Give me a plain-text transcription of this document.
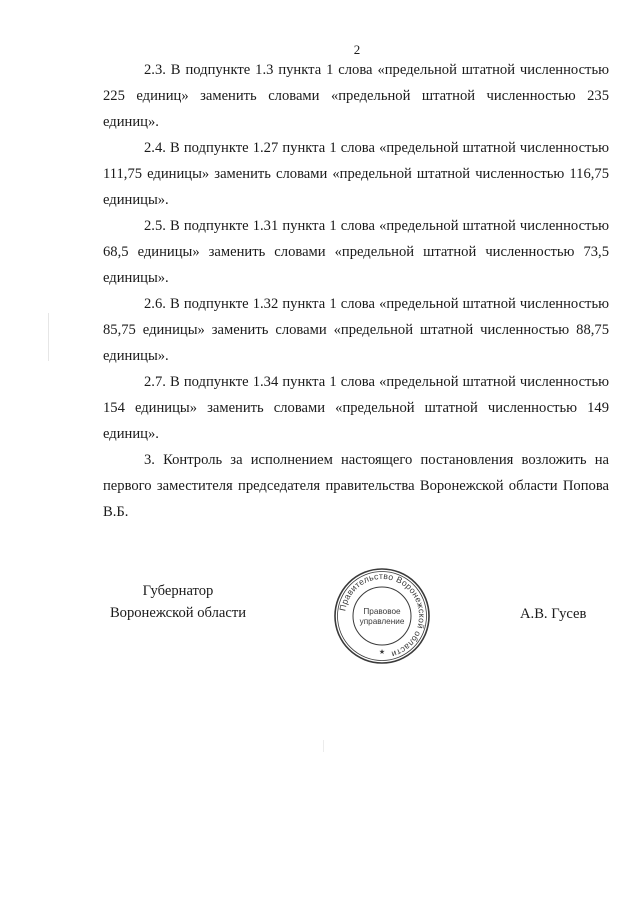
2

2.3. В подпункте 1.3 пункта 1 слова «предельной штатной численностью 225 единиц» заменить словами «предельной штатной численностью 235 единиц».

2.4. В подпункте 1.27 пункта 1 слова «предельной штатной численностью 111,75 единицы» заменить словами «предельной штатной численностью 116,75 единицы».

2.5. В подпункте 1.31 пункта 1 слова «предельной штатной численностью 68,5 единицы» заменить словами «предельной штатной численностью 73,5 единицы».

2.6. В подпункте 1.32 пункта 1 слова «предельной штатной численностью 85,75 единицы» заменить словами «предельной штатной численностью 88,75 единицы».

2.7. В подпункте 1.34 пункта 1 слова «предельной штатной численностью 154 единицы» заменить словами «предельной штатной численностью 149 единиц».

3. Контроль за исполнением настоящего постановления возложить на первого заместителя председателя правительства Воронежской области Попова В.Б.

Губернатор
Воронежской области	Правительство Воронежской области
Правовое
управление
★
А.В. Гусев
